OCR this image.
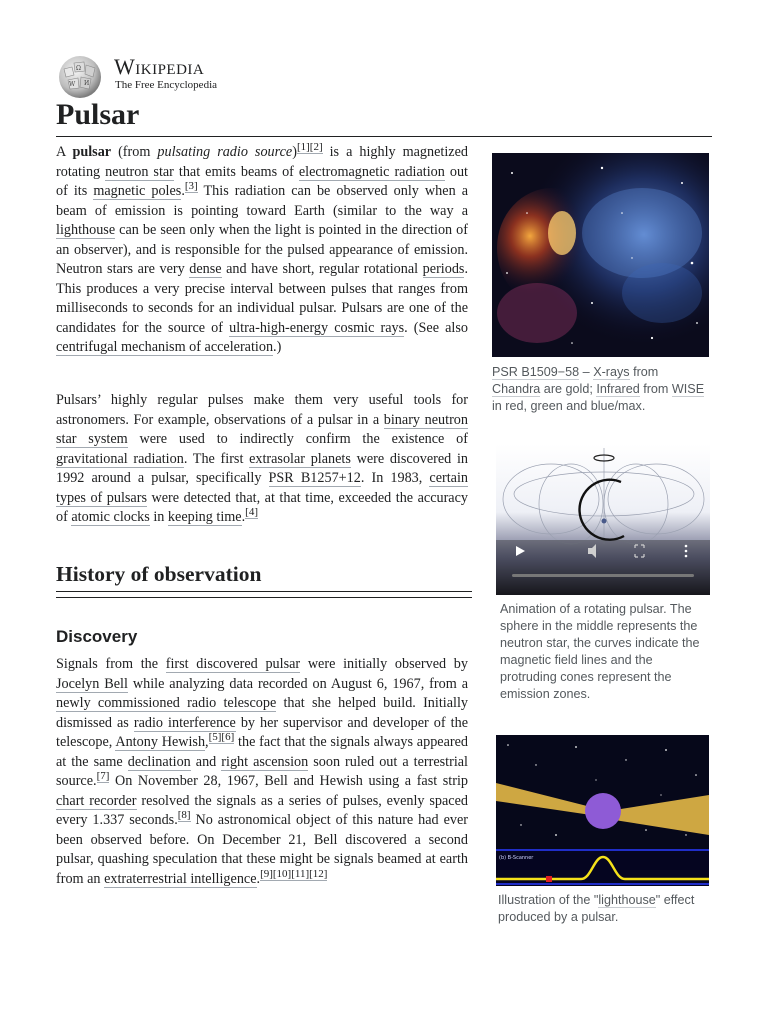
Ω
W И
Wikipedia
The Free Encyclopedia
Pulsar

A pulsar (from pulsating radio source)[1][2] is a highly magnetized rotating neutron star that emits beams of electromagnetic radiation out of its magnetic poles.[3] This radiation can be observed only when a beam of emission is pointing toward Earth (similar to the way a lighthouse can be seen only when the light is pointed in the direction of an observer), and is responsible for the pulsed appearance of emission. Neutron stars are very dense and have short, regular rotational periods. This produces a very precise interval between pulses that ranges from milliseconds to seconds for an individual pulsar. Pulsars are one of the candidates for the source of ultra-high-energy cosmic rays. (See also centrifugal mechanism of acceleration.)

Pulsars’ highly regular pulses make them very useful tools for astronomers. For example, observations of a pulsar in a binary neutron star system were used to indirectly confirm the existence of gravitational radiation. The first extrasolar planets were discovered in 1992 around a pulsar, specifically PSR B1257+12. In 1983, certain types of pulsars were detected that, at that time, exceeded the accuracy of atomic clocks in keeping time.[4]

History of observation
Discovery

Signals from the first discovered pulsar were initially observed by Jocelyn Bell while analyzing data recorded on August 6, 1967, from a newly commissioned radio telescope that she helped build. Initially dismissed as radio interference by her supervisor and developer of the telescope, Antony Hewish,[5][6] the fact that the signals always appeared at the same declination and right ascension soon ruled out a terrestrial source.[7] On November 28, 1967, Bell and Hewish using a fast strip chart recorder resolved the signals as a series of pulses, evenly spaced every 1.337 seconds.[8] No astronomical object of this nature had ever been observed before. On December 21, Bell discovered a second pulsar, quashing speculation that these might be signals beamed at earth from an extraterrestrial intelligence.[9][10][11][12]

PSR B1509−58 – X-rays from Chandra are gold; Infrared from WISE in red, green and blue/max.
Animation of a rotating pulsar. The sphere in the middle represents the neutron star, the curves indicate the magnetic field lines and the protruding cones represent the emission zones.
(b) B-Scanner
Illustration of the "lighthouse" effect produced by a pulsar.
